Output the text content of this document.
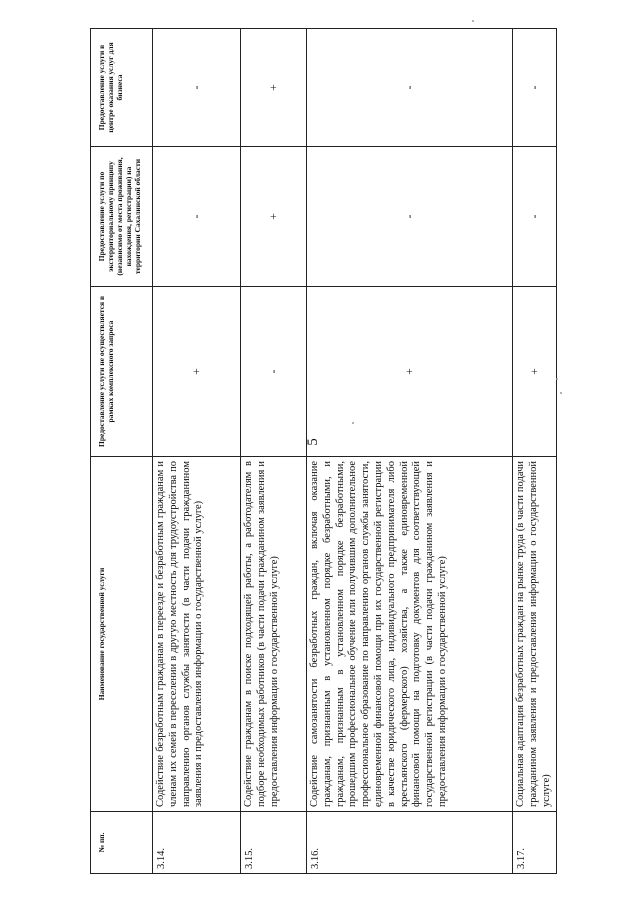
5
№ пп.	Наименование государственной услуги	Предоставление услуги не осуществляется в рамках комплексного запроса	Предоставление услуги по экстерриториальному принципу (независимо от места проживания, нахождения, регистрации) на территории Сахалинской области	Предоставление услуги в центре оказания услуг для бизнеса
3.14.	Содействие безработным гражданам в переезде и безработным гражданам и членам их семей в переселении в другую местность для трудоустройства по направлению органов службы занятости (в части подачи гражданином заявления и предоставления информации о государственной услуге)	+	-	-
3.15.	Содействие гражданам в поиске подходящей работы, а работодателям в подборе необходимых работников (в части подачи гражданином заявления и предоставления информации о государственной услуге)	-	+	+
3.16.	Содействие самозанятости безработных граждан, включая оказание гражданам, признанным в установленном порядке безработными, и гражданам, признанным в установленном порядке безработными, прошедшим профессиональное обучение или получившим дополнительное профессиональное образование по направлению органов службы занятости, единовременной финансовой помощи при их государственной регистрации в качестве юридического лица, индивидуального предпринимателя либо крестьянского (фермерского) хозяйства, а также единовременной финансовой помощи на подготовку документов для соответствующей государственной регистрации (в части подачи гражданином заявления и предоставления информации о государственной услуге)	+	-	-
3.17.	Социальная адаптация безработных граждан на рынке труда (в части подачи гражданином заявления и предоставления информации о государственной услуге)	+	-	-
